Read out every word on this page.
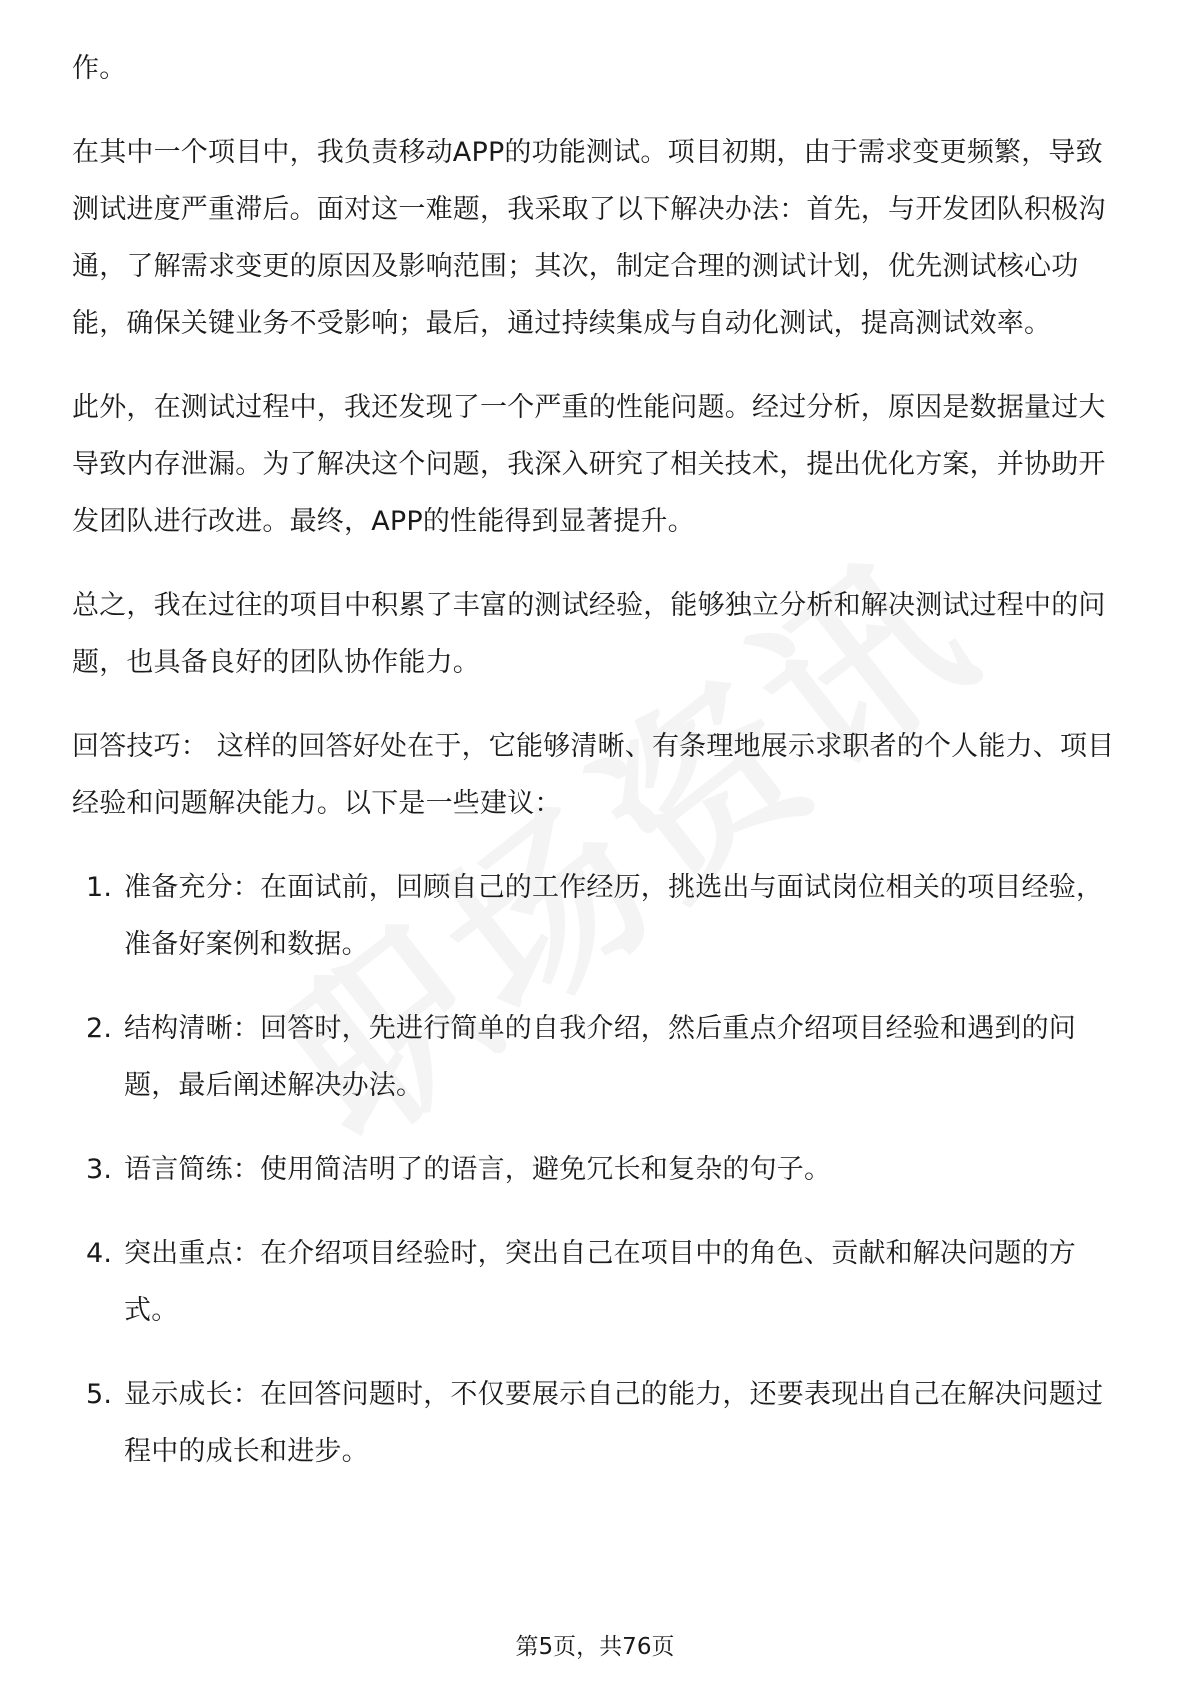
作。

在其中一个项目中，我负责移动APP的功能测试。项目初期，由于需求变更频繁，导致测试进度严重滞后。面对这一难题，我采取了以下解决办法：首先，与开发团队积极沟通，了解需求变更的原因及影响范围；其次，制定合理的测试计划，优先测试核心功能，确保关键业务不受影响；最后，通过持续集成与自动化测试，提高测试效率。

此外，在测试过程中，我还发现了一个严重的性能问题。经过分析，原因是数据量过大导致内存泄漏。为了解决这个问题，我深入研究了相关技术，提出优化方案，并协助开发团队进行改进。最终，APP的性能得到显著提升。

总之，我在过往的项目中积累了丰富的测试经验，能够独立分析和解决测试过程中的问题，也具备良好的团队协作能力。

回答技巧： 这样的回答好处在于，它能够清晰、有条理地展示求职者的个人能力、项目经验和问题解决能力。以下是一些建议：

1. 准备充分：在面试前，回顾自己的工作经历，挑选出与面试岗位相关的项目经验，准备好案例和数据。
2. 结构清晰：回答时，先进行简单的自我介绍，然后重点介绍项目经验和遇到的问题，最后阐述解决办法。
3. 语言简练：使用简洁明了的语言，避免冗长和复杂的句子。
4. 突出重点：在介绍项目经验时，突出自己在项目中的角色、贡献和解决问题的方式。
5. 显示成长：在回答问题时，不仅要展示自己的能力，还要表现出自己在解决问题过程中的成长和进步。
第5页，共76页
